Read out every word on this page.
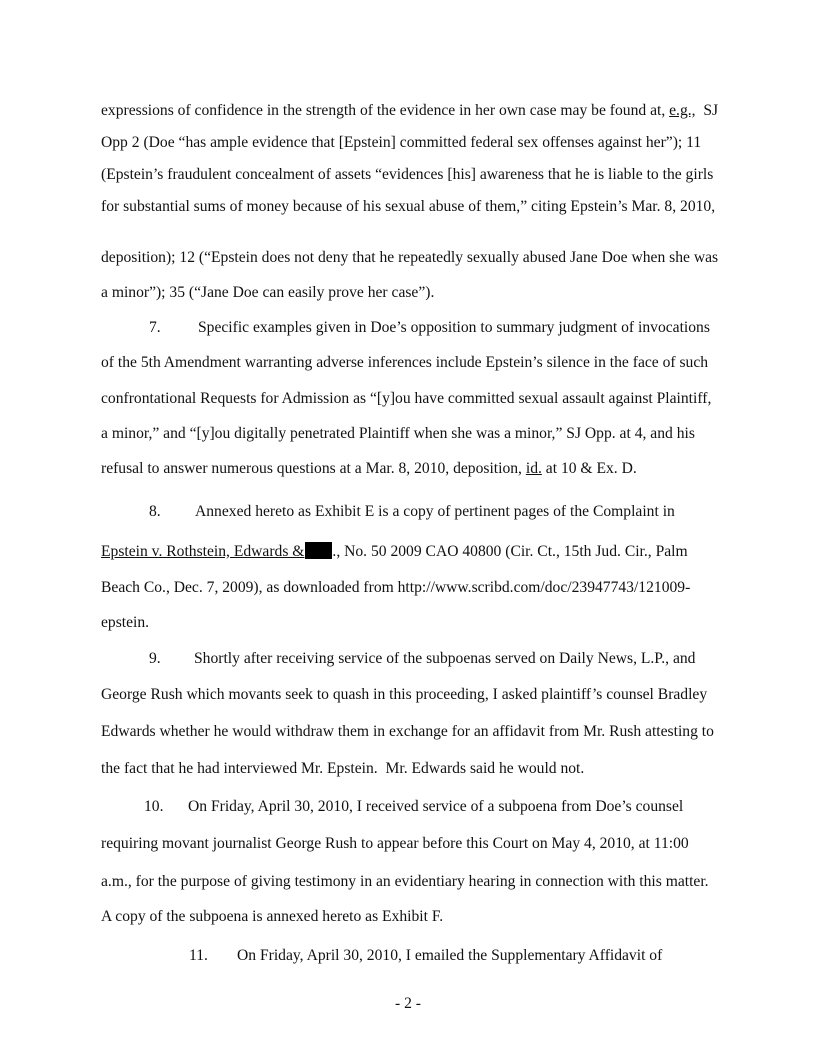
expressions of confidence in the strength of the evidence in her own case may be found at, e.g.,  SJ
Opp 2 (Doe “has ample evidence that [Epstein] committed federal sex offenses against her”); 11
(Epstein’s fraudulent concealment of assets “evidences [his] awareness that he is liable to the girls
for substantial sums of money because of his sexual abuse of them,” citing Epstein’s Mar. 8, 2010,
deposition); 12 (“Epstein does not deny that he repeatedly sexually abused Jane Doe when she was
a minor”); 35 (“Jane Doe can easily prove her case”).
7. Specific examples given in Doe’s opposition to summary judgment of invocations
of the 5th Amendment warranting adverse inferences include Epstein’s silence in the face of such
confrontational Requests for Admission as “[y]ou have committed sexual assault against Plaintiff,
a minor,” and “[y]ou digitally penetrated Plaintiff when she was a minor,” SJ Opp. at 4, and his
refusal to answer numerous questions at a Mar. 8, 2010, deposition, id. at 10 & Ex. D.
8. Annexed hereto as Exhibit E is a copy of pertinent pages of the Complaint in
Epstein v. Rothstein, Edwards & ., No. 50 2009 CAO 40800 (Cir. Ct., 15th Jud. Cir., Palm
Beach Co., Dec. 7, 2009), as downloaded from http://www.scribd.com/doc/23947743/121009-
epstein.
9. Shortly after receiving service of the subpoenas served on Daily News, L.P., and
George Rush which movants seek to quash in this proceeding, I asked plaintiff’s counsel Bradley
Edwards whether he would withdraw them in exchange for an affidavit from Mr. Rush attesting to
the fact that he had interviewed Mr. Epstein.  Mr. Edwards said he would not.
10. On Friday, April 30, 2010, I received service of a subpoena from Doe’s counsel
requiring movant journalist George Rush to appear before this Court on May 4, 2010, at 11:00
a.m., for the purpose of giving testimony in an evidentiary hearing in connection with this matter.
A copy of the subpoena is annexed hereto as Exhibit F.
11. On Friday, April 30, 2010, I emailed the Supplementary Affidavit of
- 2 -
